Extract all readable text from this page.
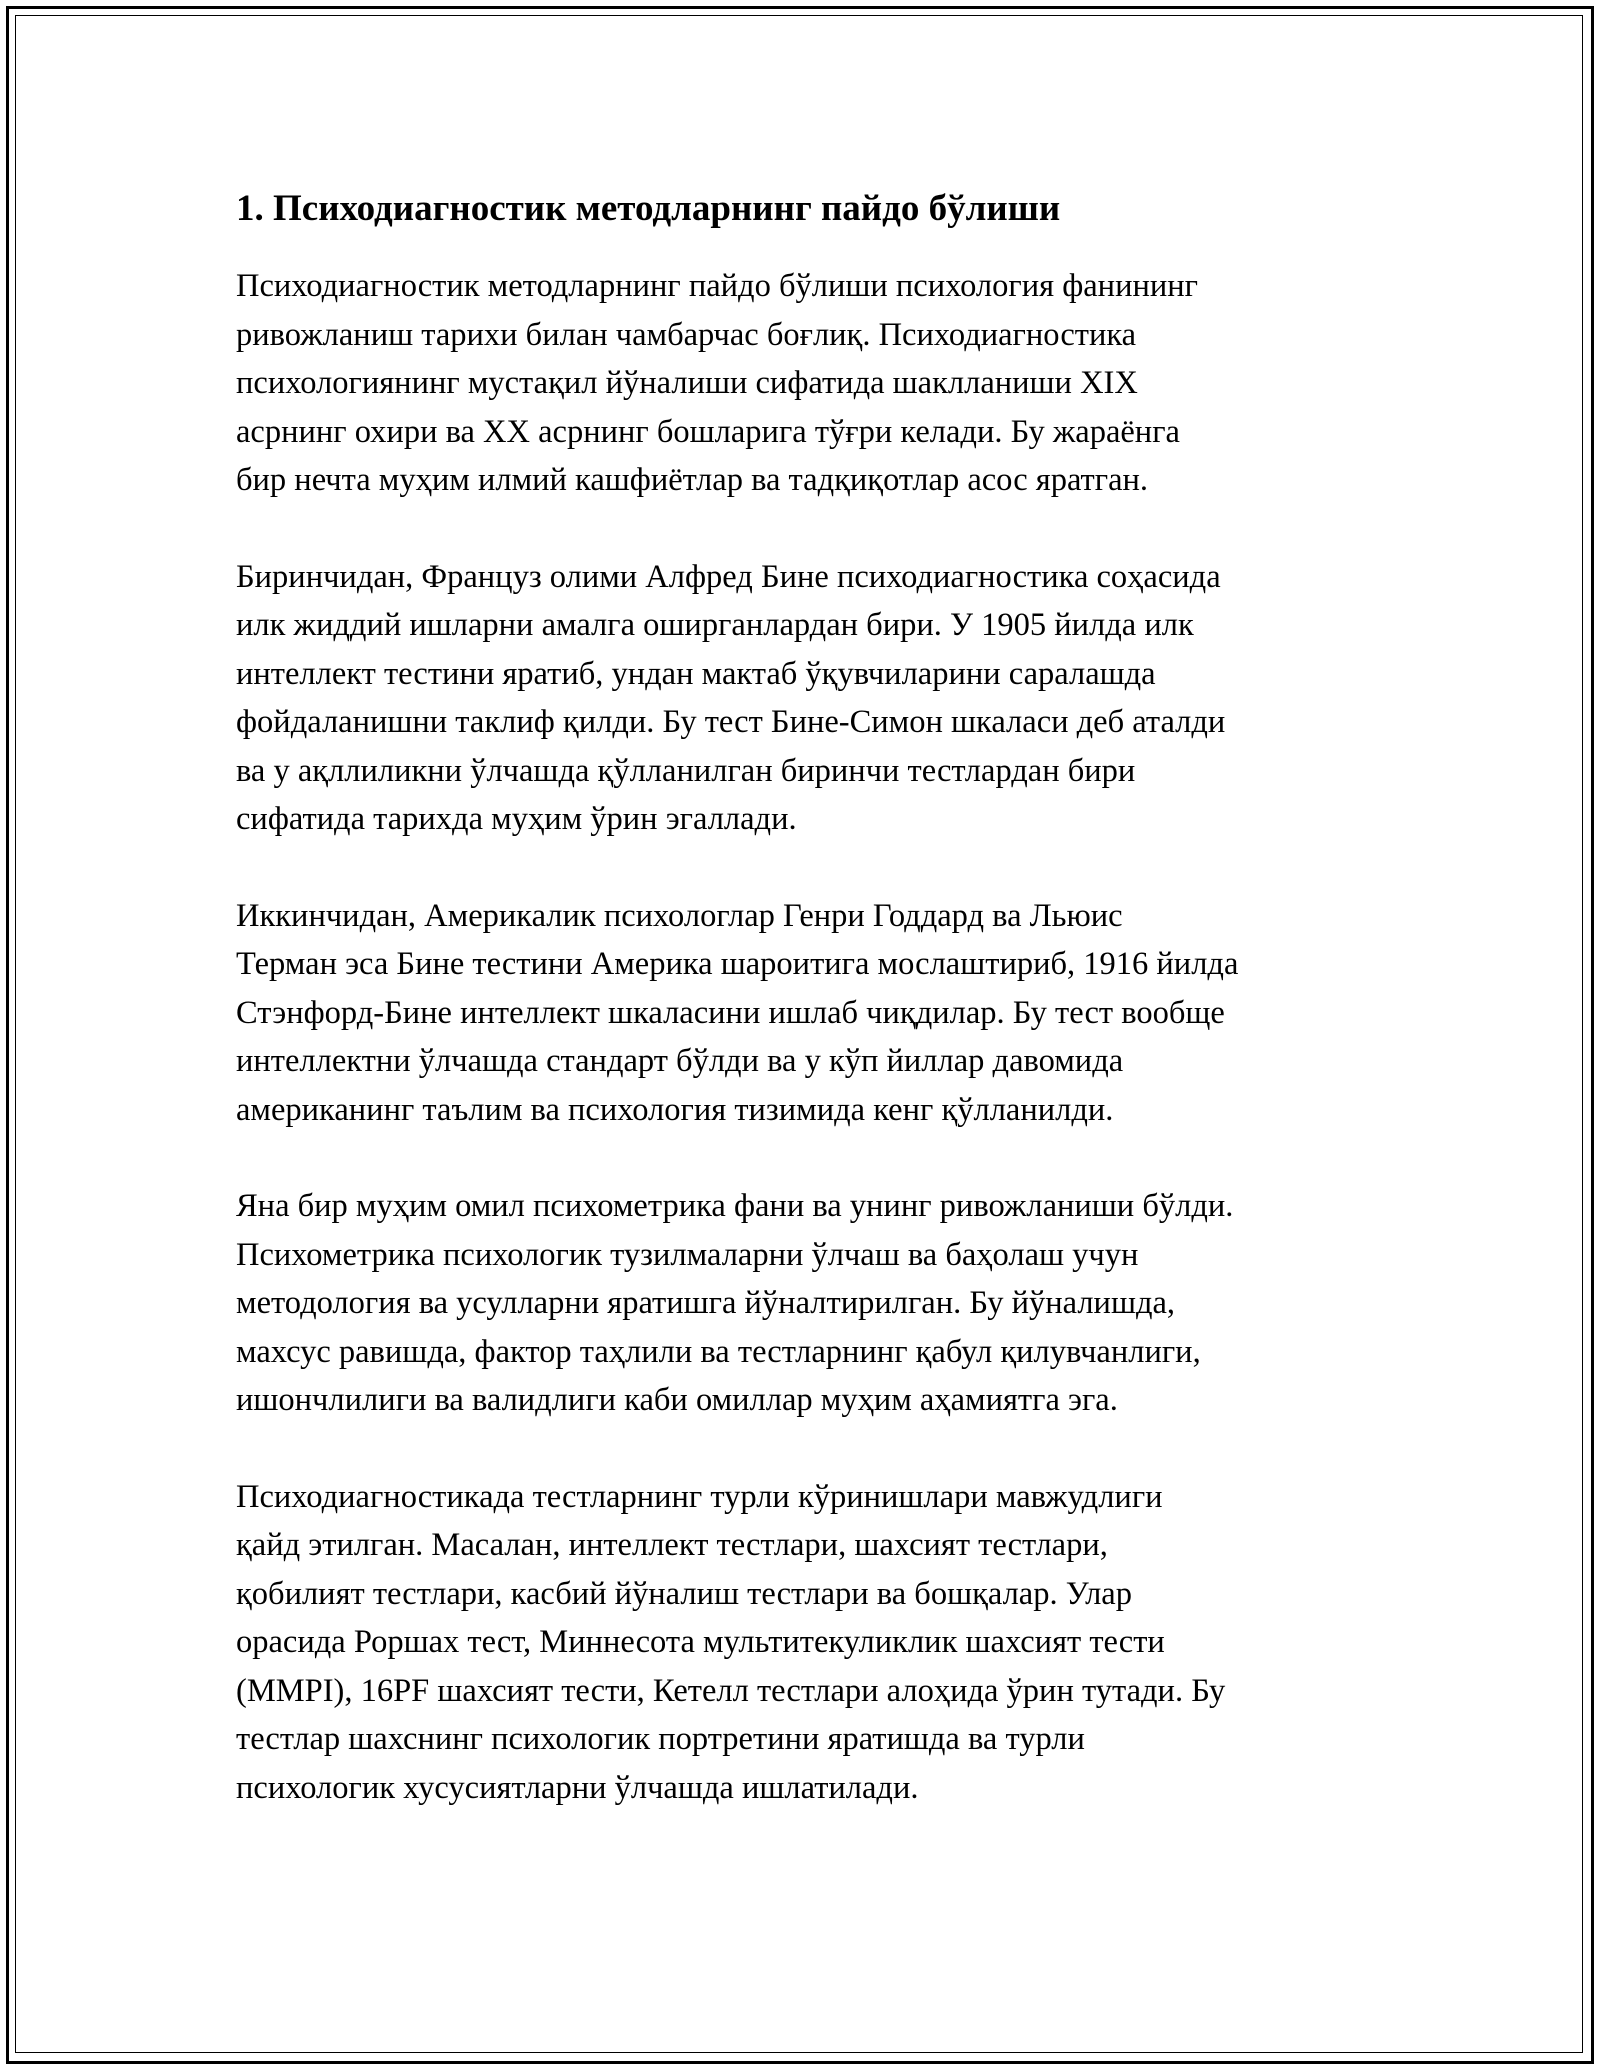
1. Психодиагностик методларнинг пайдо бўлиши

Психодиагностик методларнинг пайдо бўлиши психология фанининг
ривожланиш тарихи билан чамбарчас боғлиқ. Психодиагностика
психологиянинг мустақил йўналиши сифатида шаклланиши XIX
асрнинг охири ва XX асрнинг бошларига тўғри келади. Бу жараёнга
бир нечта муҳим илмий кашфиётлар ва тадқиқотлар асос яратган.

Биринчидан, Француз олими Алфред Бине психодиагностика соҳасида
илк жиддий ишларни амалга оширганлардан бири. У 1905 йилда илк
интеллект тестини яратиб, ундан мактаб ўқувчиларини саралашда
фойдаланишни таклиф қилди. Бу тест Бине-Симон шкаласи деб аталди
ва у ақллиликни ўлчашда қўлланилган биринчи тестлардан бири
сифатида тарихда муҳим ўрин эгаллади.

Иккинчидан, Америкалик психологлар Генри Годдард ва Льюис
Терман эса Бине тестини Америка шароитига мослаштириб, 1916 йилда
Стэнфорд-Бине интеллект шкаласини ишлаб чиқдилар. Бу тест вообще
интеллектни ўлчашда стандарт бўлди ва у кўп йиллар давомида
американинг таълим ва психология тизимида кенг қўлланилди.

Яна бир муҳим омил психометрика фани ва унинг ривожланиши бўлди.
Психометрика психологик тузилмаларни ўлчаш ва баҳолаш учун
методология ва усулларни яратишга йўналтирилган. Бу йўналишда,
махсус равишда, фактор таҳлили ва тестларнинг қабул қилувчанлиги,
ишончлилиги ва валидлиги каби омиллар муҳим аҳамиятга эга.

Психодиагностикада тестларнинг турли кўринишлари мавжудлиги
қайд этилган. Масалан, интеллект тестлари, шахсият тестлари,
қобилият тестлари, касбий йўналиш тестлари ва бошқалар. Улар
орасида Роршах тест, Миннесота мультитекуликлик шахсият тести
(MMPI), 16PF шахсият тести, Кетелл тестлари алоҳида ўрин тутади. Бу
тестлар шахснинг психологик портретини яратишда ва турли
психологик хусусиятларни ўлчашда ишлатилади.
